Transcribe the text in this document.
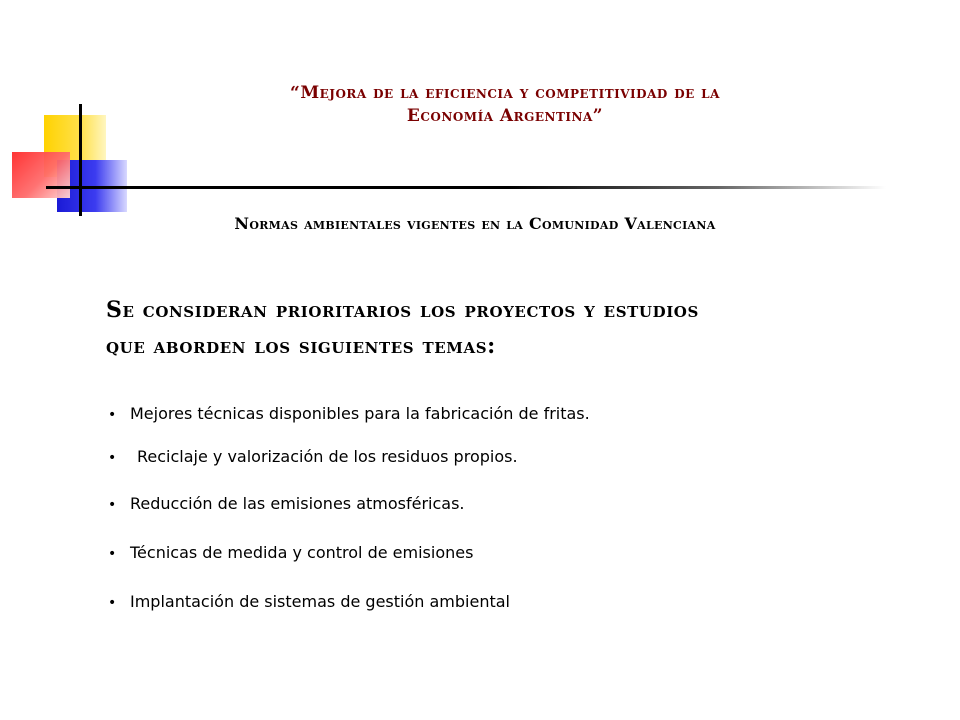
“Mejora de la eficiencia y competitividad de la
Economía Argentina”
Normas ambientales vigentes en la Comunidad Valenciana
Se consideran prioritarios los proyectos y estudios
que aborden los siguientes temas:
• Mejores técnicas disponibles para la fabricación de fritas.
• Reciclaje y valorización de los residuos propios.
• Reducción de las emisiones atmosféricas.
• Técnicas de medida y control de emisiones
• Implantación de sistemas de gestión ambiental
